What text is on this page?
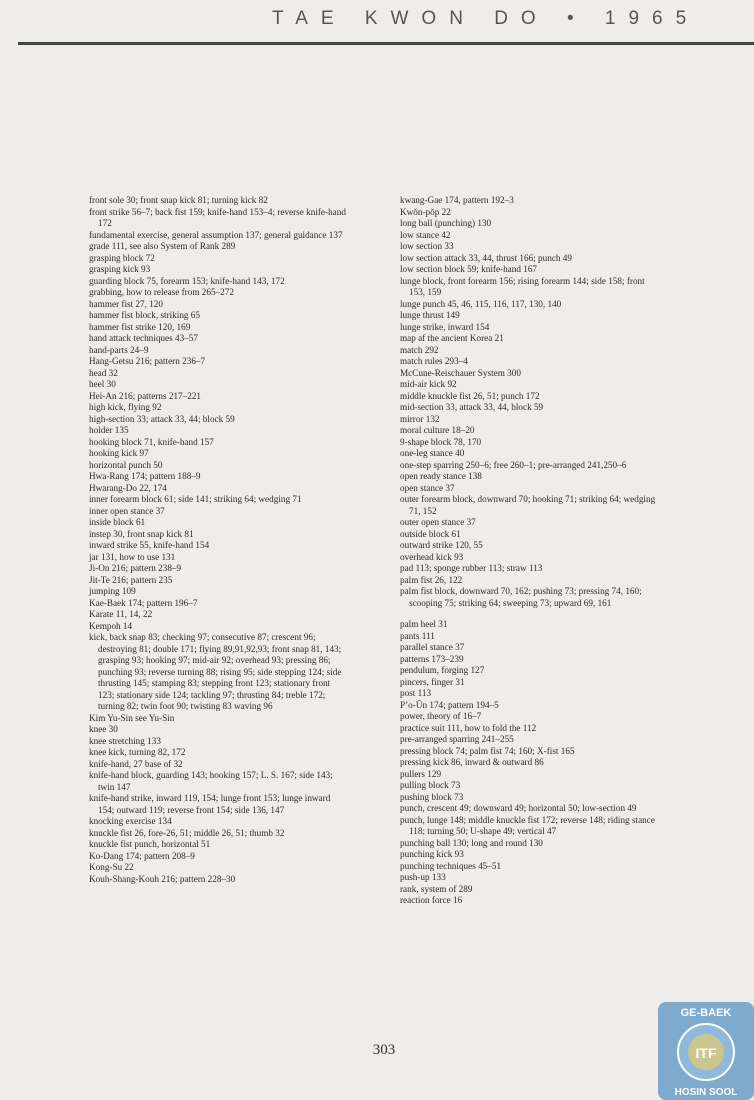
TAE KWON DO • 1965
front sole 30; front snap kick 81; turning kick 82
front strike 56–7; back fist 159; knife-hand 153–4; reverse knife-hand 172
fundamental exercise, general assumption 137; general guidance 137
grade 111, see also System of Rank 289
grasping block 72
grasping kick 93
guarding block 75, forearm 153; knife-hand 143, 172
grabbing, how to release from 265–272
hammer fist 27, 120
hammer fist block, striking 65
hammer fist strike 120, 169
hand attack techniques 43–57
hand-parts 24–9
Hang-Getsu 216; pattern 236–7
head 32
heel 30
Hei-An 216; patterns 217–221
high kick, flying 92
high-section 33; attack 33, 44; block 59
holder 135
hooking block 71, knife-hand 157
hooking kick 97
horizontal punch 50
Hwa-Rang 174; pattern 188–9
Hwarang-Do 22, 174
inner forearm block 61; side 141; striking 64; wedging 71
inner open stance 37
inside block 61
instep 30, front snap kick 81
inward strike 55, knife-hand 154
jar 131, how to use 131
Ji-On 216; pattern 238–9
Jit-Te 216; pattern 235
jumping 109
Kae-Baek 174; pattern 196–7
Karate 11, 14, 22
Kempoh 14
kick, back snap 83; checking 97; consecutive 87; crescent 96; destroying 81; double 171; flying 89,91,92,93; front snap 81, 143; grasping 93; hooking 97; mid-air 92; overhead 93; pressing 86; punching 93; reverse turning 88; rising 95; side stepping 124; side thrusting 145; stamping 83; stepping front 123; stationary front 123; stationary side 124; tackling 97; thrusting 84; treble 172; turning 82; twin foot 90; twisting 83 waving 96
Kim Yu-Sin see Yu-Sin
knee 30
knee stretching 133
knee kick, turning 82, 172
knife-hand, 27 base of 32
knife-hand block, guarding 143; hooking 157; L. S. 167; side 143; twin 147
knife-hand strike, inward 119, 154; lunge front 153; lunge inward 154; outward 119; reverse front 154; side 136, 147
knocking exercise 134
knuckle fist 26, fore-26, 51; middle 26, 51; thumb 32
knuckle fist punch, horizontal 51
Ko-Dang 174; pattern 208–9
Kong-Su 22
Kouh-Shang-Kouh 216; pattern 228–30
kwang-Gae 174, pattern 192–3
Kwŏn-pŏp 22
long ball (punching) 130
low stance 42
low section 33
low section attack 33, 44, thrust 166; punch 49
low section block 59; knife-hand 167
lunge block, front forearm 156; rising forearm 144; side 158; front 153, 159
lunge punch 45, 46, 115, 116, 117, 130, 140
lunge thrust 149
lunge strike, inward 154
map af the ancient Korea 21
match 292
match rules 293–4
McCune-Reischauer System 300
mid-air kick 92
middle knuckle fist 26, 51; punch 172
mid-section 33, attack 33, 44, block 59
mirror 132
moral culture 18–20
9-shape block 78, 170
one-leg stance 40
one-step sparring 250–6; free 260–1; pre-arranged 241,250–6
open ready stance 138
open stance 37
outer forearm block, downward 70; hooking 71; striking 64; wedging 71, 152
outer open stance 37
outside block 61
outward strike 120, 55
overhead kick 93
pad 113; sponge rubber 113; straw 113
palm fist 26, 122
palm fist block, downward 70, 162; pushing 73; pressing 74, 160; scooping 75; striking 64; sweeping 73; upward 69, 161
palm heel 31
pants 111
parallel stance 37
patterns 173–239
pendulum, forging 127
pincers, finger 31
post 113
P’o-Ūn 174; pattern 194–5
power, theory of 16–7
practice suit 111, how to fold the 112
pre-arranged sparring 241–255
pressing block 74; palm fist 74; 160; X-fist 165
pressing kick 86, inward & outward 86
pullers 129
pulling block 73
pushing block 73
punch, crescent 49; downward 49; horizontal 50; low-section 49
punch, lunge 148; middle knuckle fist 172; reverse 148; riding stance 118; turning 50; U-shape 49; vertical 47
punching ball 130; long and round 130
punching kick 93
punching techniques 45–51
push-up 133
rank, system of 289
reaction force 16
303
GE-BAEK
ITF
HOSIN SOOL
